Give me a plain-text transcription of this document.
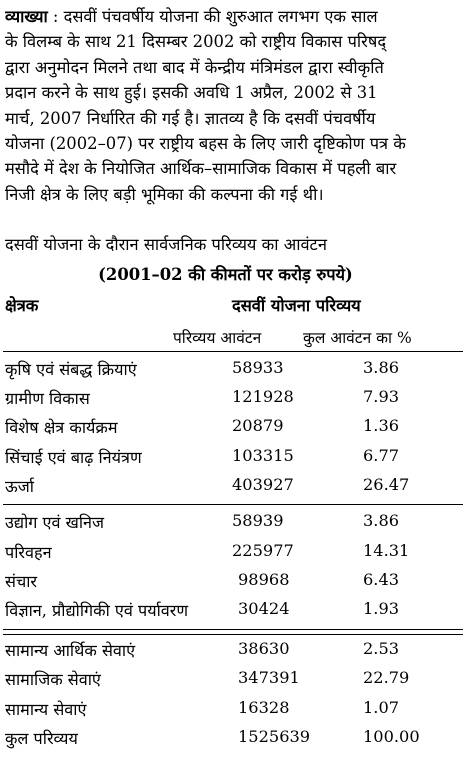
व्याख्या : दसवीं पंचवर्षीय योजना की शुरुआत लगभग एक साल
के विलम्ब के साथ 21 दिसम्बर 2002 को राष्ट्रीय विकास परिषद्
द्वारा अनुमोदन मिलने तथा बाद में केन्द्रीय मंत्रिमंडल द्वारा स्वीकृति
प्रदान करने के साथ हुई। इसकी अवधि 1 अप्रैल, 2002 से 31
मार्च, 2007 निर्धारित की गई है। ज्ञातव्य है कि दसवीं पंचवर्षीय
योजना (2002–07) पर राष्ट्रीय बहस के लिए जारी दृष्टिकोण पत्र के
मसौदे में देश के नियोजित आर्थिक–सामाजिक विकास में पहली बार
निजी क्षेत्र के लिए बड़ी भूमिका की कल्पना की गई थी।
दसवीं योजना के दौरान सार्वजनिक परिव्यय का आवंटन
(2001–02 की कीमतों पर करोड़ रुपये)
क्षेत्रक	दसवीं योजना परिव्यय
परिव्यय आवंटन	कुल आवंटन का %
कृषि एवं संबद्ध क्रियाएं	58933	3.86
ग्रामीण विकास	121928	7.93
विशेष क्षेत्र कार्यक्रम	20879	1.36
सिंचाई एवं बाढ़ नियंत्रण	103315	6.77
ऊर्जा	403927	26.47
उद्योग एवं खनिज	58939	3.86
परिवहन	225977	14.31
संचार	98968	6.43
विज्ञान, प्रौद्योगिकी एवं पर्यावरण	30424	1.93
सामान्य आर्थिक सेवाएं	38630	2.53
सामाजिक सेवाएं	347391	22.79
सामान्य सेवाएं	16328	1.07
कुल परिव्यय	1525639	100.00
